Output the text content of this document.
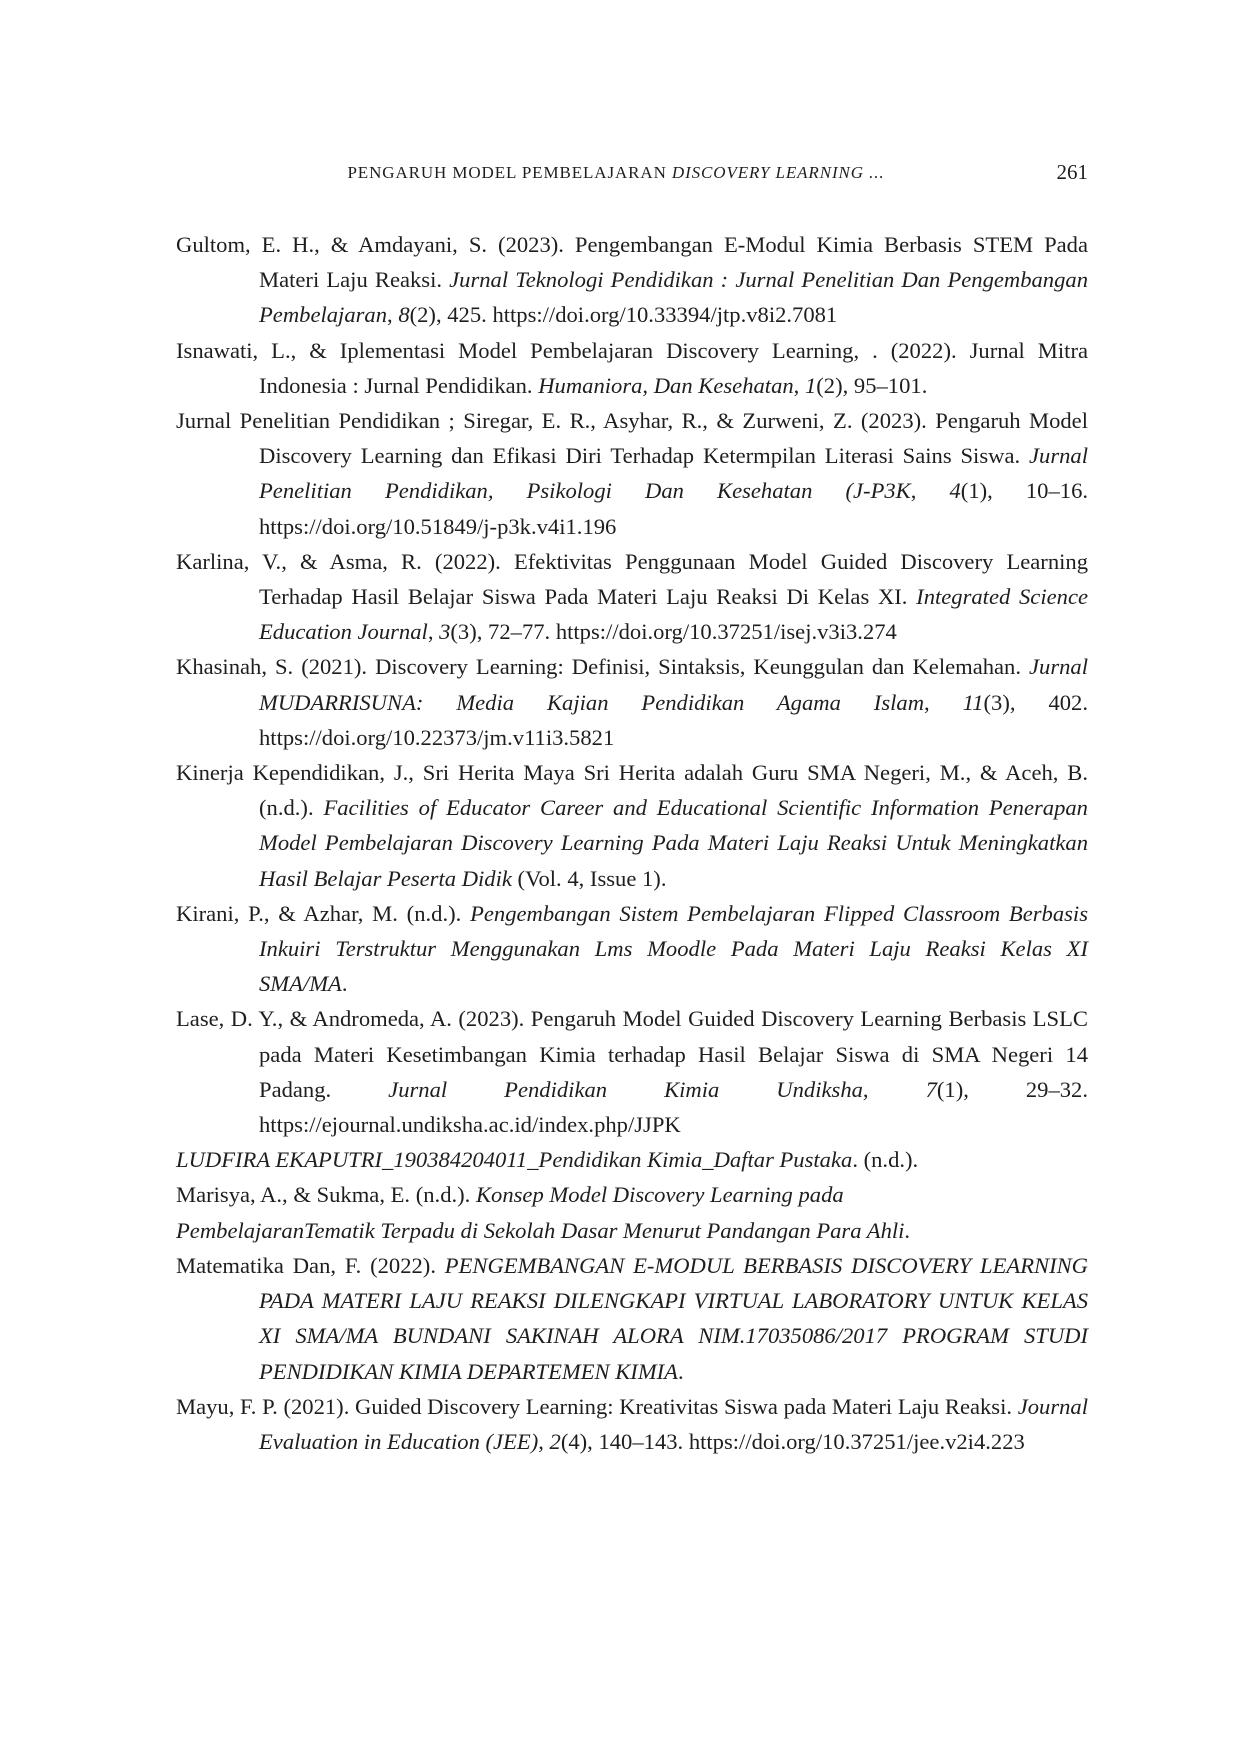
PENGARUH MODEL PEMBELAJARAN DISCOVERY LEARNING ...	261

Gultom, E. H., & Amdayani, S. (2023). Pengembangan E-Modul Kimia Berbasis STEM Pada Materi Laju Reaksi. Jurnal Teknologi Pendidikan : Jurnal Penelitian Dan Pengembangan Pembelajaran, 8(2), 425. https://doi.org/10.33394/jtp.v8i2.7081

Isnawati, L., & Iplementasi Model Pembelajaran Discovery Learning, . (2022). Jurnal Mitra Indonesia : Jurnal Pendidikan. Humaniora, Dan Kesehatan, 1(2), 95–101.

Jurnal Penelitian Pendidikan ; Siregar, E. R., Asyhar, R., & Zurweni, Z. (2023). Pengaruh Model Discovery Learning dan Efikasi Diri Terhadap Ketermpilan Literasi Sains Siswa. Jurnal Penelitian Pendidikan, Psikologi Dan Kesehatan (J-P3K, 4(1), 10–16. https://doi.org/10.51849/j-p3k.v4i1.196

Karlina, V., & Asma, R. (2022). Efektivitas Penggunaan Model Guided Discovery Learning Terhadap Hasil Belajar Siswa Pada Materi Laju Reaksi Di Kelas XI. Integrated Science Education Journal, 3(3), 72–77. https://doi.org/10.37251/isej.v3i3.274

Khasinah, S. (2021). Discovery Learning: Definisi, Sintaksis, Keunggulan dan Kelemahan. Jurnal MUDARRISUNA: Media Kajian Pendidikan Agama Islam, 11(3), 402. https://doi.org/10.22373/jm.v11i3.5821

Kinerja Kependidikan, J., Sri Herita Maya Sri Herita adalah Guru SMA Negeri, M., & Aceh, B. (n.d.). Facilities of Educator Career and Educational Scientific Information Penerapan Model Pembelajaran Discovery Learning Pada Materi Laju Reaksi Untuk Meningkatkan Hasil Belajar Peserta Didik (Vol. 4, Issue 1).

Kirani, P., & Azhar, M. (n.d.). Pengembangan Sistem Pembelajaran Flipped Classroom Berbasis Inkuiri Terstruktur Menggunakan Lms Moodle Pada Materi Laju Reaksi Kelas XI SMA/MA.

Lase, D. Y., & Andromeda, A. (2023). Pengaruh Model Guided Discovery Learning Berbasis LSLC pada Materi Kesetimbangan Kimia terhadap Hasil Belajar Siswa di SMA Negeri 14 Padang. Jurnal Pendidikan Kimia Undiksha, 7(1), 29–32. https://ejournal.undiksha.ac.id/index.php/JJPK

LUDFIRA EKAPUTRI_190384204011_Pendidikan Kimia_Daftar Pustaka. (n.d.).

Marisya, A., & Sukma, E. (n.d.). Konsep Model Discovery Learning pada

PembelajaranTematik Terpadu di Sekolah Dasar Menurut Pandangan Para Ahli.

Matematika Dan, F. (2022). PENGEMBANGAN E-MODUL BERBASIS DISCOVERY LEARNING PADA MATERI LAJU REAKSI DILENGKAPI VIRTUAL LABORATORY UNTUK KELAS XI SMA/MA BUNDANI SAKINAH ALORA NIM.17035086/2017 PROGRAM STUDI PENDIDIKAN KIMIA DEPARTEMEN KIMIA.

Mayu, F. P. (2021). Guided Discovery Learning: Kreativitas Siswa pada Materi Laju Reaksi. Journal Evaluation in Education (JEE), 2(4), 140–143. https://doi.org/10.37251/jee.v2i4.223
